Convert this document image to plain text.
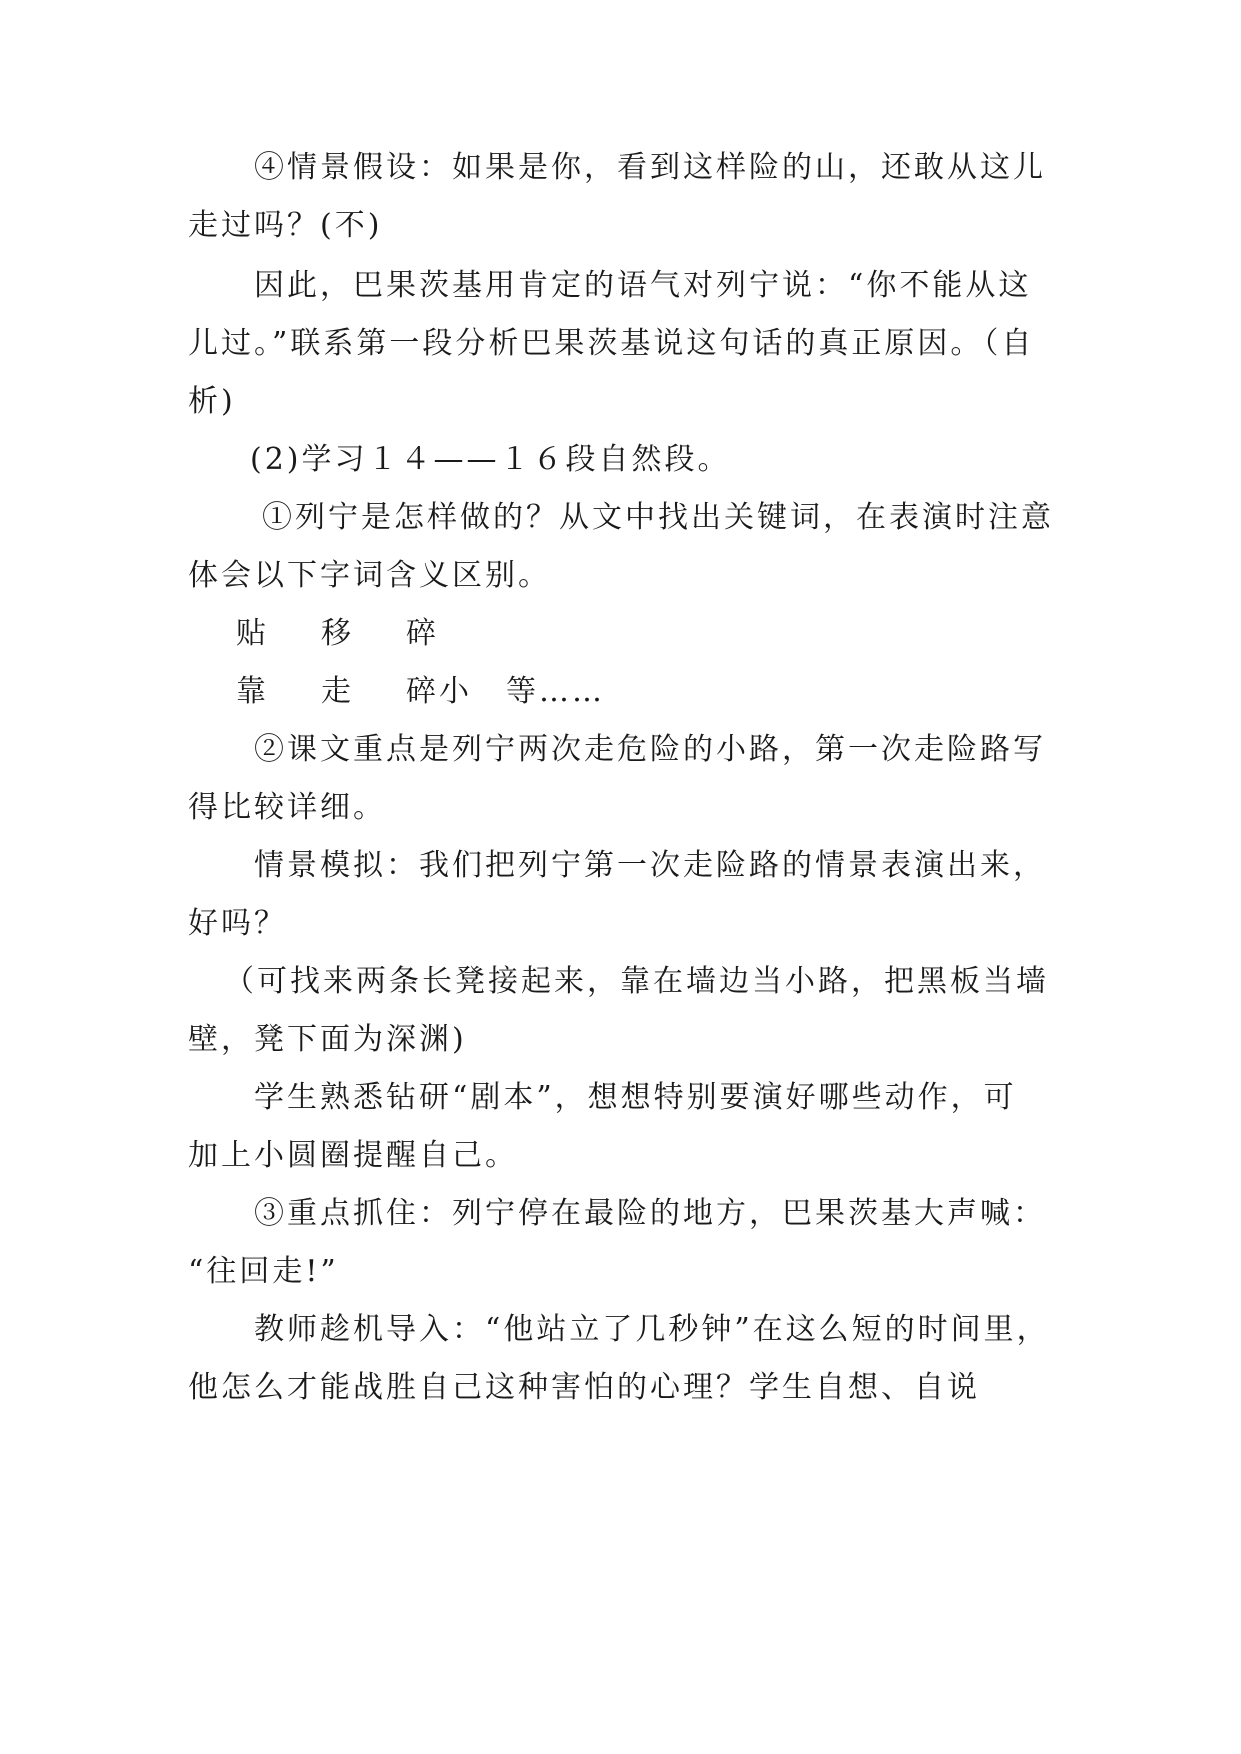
④情景假设：如果是你，看到这样险的山，还敢从这儿

走过吗？(不)

因此，巴果茨基用肯定的语气对列宁说：“你不能从这

儿过。”联系第一段分析巴果茨基说这句话的真正原因。（自

析)

(2)学习１４——１６段自然段。

①列宁是怎样做的？从文中找出关键词，在表演时注意

体会以下字词含义区别。

贴 移 碎
靠 走 碎小 等……

②课文重点是列宁两次走危险的小路，第一次走险路写

得比较详细。

情景模拟：我们把列宁第一次走险路的情景表演出来，

好吗？

（可找来两条长凳接起来，靠在墙边当小路，把黑板当墙

壁，凳下面为深渊)

学生熟悉钻研“剧本”，想想特别要演好哪些动作，可

加上小圆圈提醒自己。

③重点抓住：列宁停在最险的地方，巴果茨基大声喊：

“往回走!”

教师趁机导入：“他站立了几秒钟”在这么短的时间里，

他怎么才能战胜自己这种害怕的心理？学生自想、自说
